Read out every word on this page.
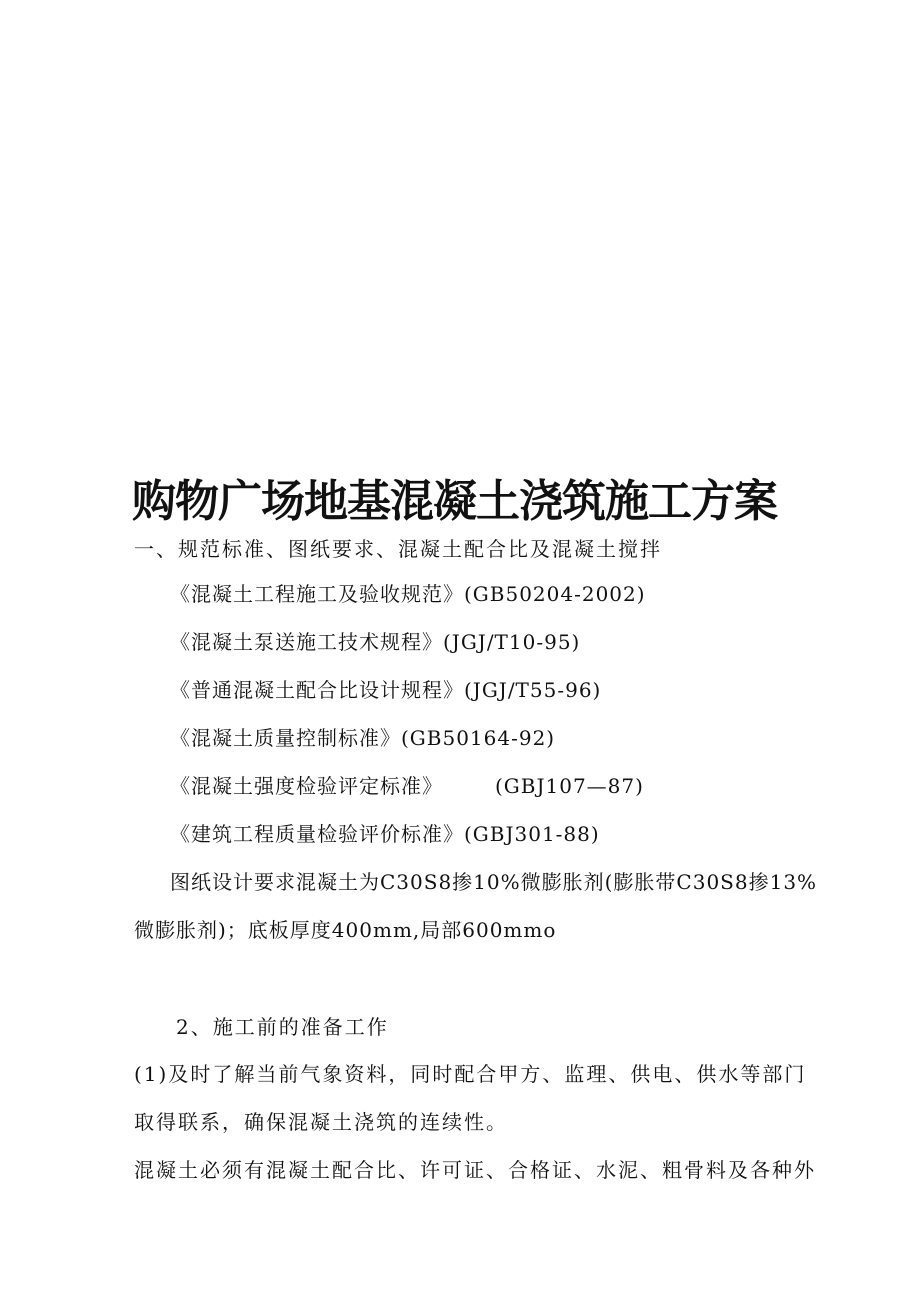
购物广场地基混凝土浇筑施工方案
一、规范标准、图纸要求、混凝土配合比及混凝土搅拌
《混凝土工程施工及验收规范》(GB50204-2002)
《混凝土泵送施工技术规程》(JGJ/T10-95)
《普通混凝土配合比设计规程》(JGJ/T55-96)
《混凝土质量控制标准》(GB50164-92)
《混凝土强度检验评定标准》	(GBJ107—87)
《建筑工程质量检验评价标准》(GBJ301-88)
图纸设计要求混凝土为C30S8掺10%微膨胀剂(膨胀带C30S8掺13%
微膨胀剂)；底板厚度400mm,局部600mmo
2、施工前的准备工作
(1)及时了解当前气象资料，同时配合甲方、监理、供电、供水等部门
取得联系，确保混凝土浇筑的连续性。
混凝土必须有混凝土配合比、许可证、合格证、水泥、粗骨料及各种外
